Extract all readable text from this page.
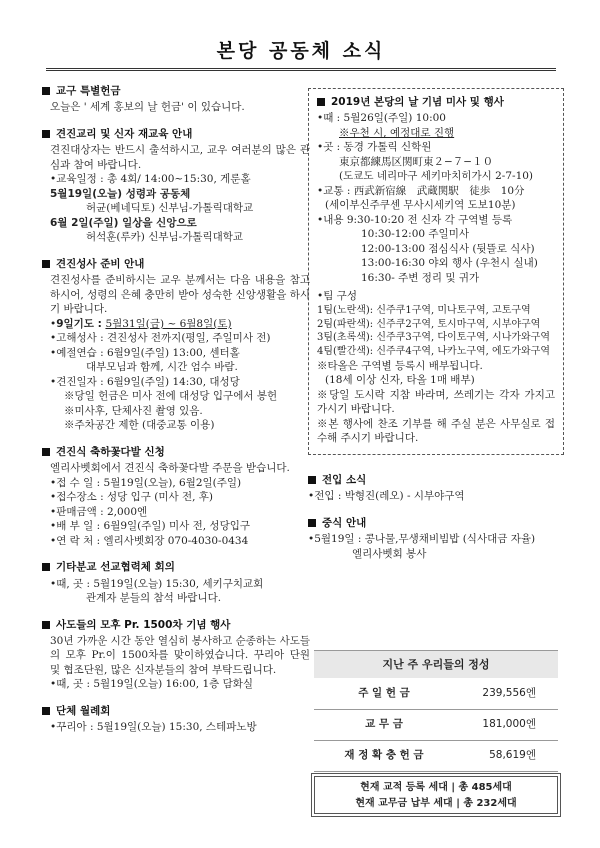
본당 공동체 소식
교구 특별헌금
오늘은 ' 세계 홍보의 날 헌금' 이 있습니다.
견진교리 및 신자 재교육 안내
견진대상자는 반드시 출석하시고, 교우 여러분의 많은 관심과 참여 바랍니다.
• 교육일정 : 총 4회/ 14:00~15:30, 게룬홀
5월19일(오늘) 성령과 공동체
허균(베네딕토) 신부님-가톨릭대학교
6월 2일(주일) 일상을 신앙으로
허석훈(루카) 신부님-가톨릭대학교
견진성사 준비 안내
견진성사를 준비하시는 교우 분께서는 다음 내용을 참고하시어, 성령의 은혜 충만히 받아 성숙한 신앙생활을 하시기 바랍니다.
• 9일기도 : 5월31일(금) ~ 6월8일(토)
• 고해성사 : 견진성사 전까지(평일, 주일미사 전)
• 예절연습 : 6월9일(주일) 13:00, 센터홀
대부모님과 함께, 시간 엄수 바람.
• 견진일자 : 6월9일(주일) 14:30, 대성당
※당일 헌금은 미사 전에 대성당 입구에서 봉헌
※미사후, 단체사진 촬영 있음.
※주차공간 제한 (대중교통 이용)
견진식 축하꽃다발 신청
엘리사벳회에서 견진식 축하꽃다발 주문을 받습니다.
• 접 수 일 : 5월19일(오늘), 6월2일(주일)
• 접수장소 : 성당 입구 (미사 전, 후)
• 판매금액 : 2,000엔
• 배 부 일 : 6월9일(주일) 미사 전, 성당입구
• 연 락 처 : 엘리사벳회장 070-4030-0434
기타분교 선교협력체 회의
• 때, 곳 : 5월19일(오늘) 15:30, 세키구치교회
관계자 분들의 참석 바랍니다.
사도들의 모후 Pr. 1500차 기념 행사
30년 가까운 시간 동안 열심히 봉사하고 순종하는 사도들의 모후 Pr.이 1500차를 맞이하였습니다. 꾸리아 단원 및 협조단원, 많은 신자분들의 참여 부탁드립니다.
• 때, 곳 : 5월19일(오늘) 16:00, 1층 담화실
단체 월례회
• 꾸리아 : 5월19일(오늘) 15:30, 스테파노방
2019년 본당의 날 기념 미사 및 행사
• 때 : 5월26일(주일) 10:00
※우천 시, 예정대로 진행
• 곳 : 동경 가톨릭 신학원
東京都練馬区関町東２−７−１０
(도쿄도 네리마구 세키마치히가시 2-7-10)
• 교통 : 西武新宿線　武蔵関駅　徒歩　10分
(세이부신주쿠센 무사시세키역 도보10분)
• 내용 9:30-10:20 전 신자 각 구역별 등록
10:30-12:00 주일미사
12:00-13:00 점심식사 (뒷뜰로 식사)
13:00-16:30 야외 행사 (우천시 실내)
16:30- 주변 정리 및 귀가
• 팀 구성
1팀(노란색): 신주쿠1구역, 미나토구역, 고토구역
2팀(파란색): 신주쿠2구역, 토시마구역, 시부야구역
3팀(초록색): 신주쿠3구역, 다이토구역, 시나가와구역
4팀(빨간색): 신주쿠4구역, 나카노구역, 에도가와구역
※타올은 구역별 등록시 배부됩니다.
(18세 이상 신자, 타올 1매 배부)
※당일 도시락 지참 바라며, 쓰레기는 각자 가지고 가시기 바랍니다.
※본 행사에 찬조 기부를 해 주실 분은 사무실로 접수해 주시기 바랍니다.
전입 소식
• 전입 : 박형진(레오) - 시부야구역
중식 안내
• 5월19일 : 콩나물,무생채비빔밥 (식사대금 자율)
엘리사벳회 봉사
지난 주 우리들의 정성
주 일 헌 금	239,556엔
교 무 금	181,000엔
재 정 확 충 헌 금	58,619엔
현재 교적 등록 세대 | 총 485세대
현재 교무금 납부 세대 | 총 232세대
